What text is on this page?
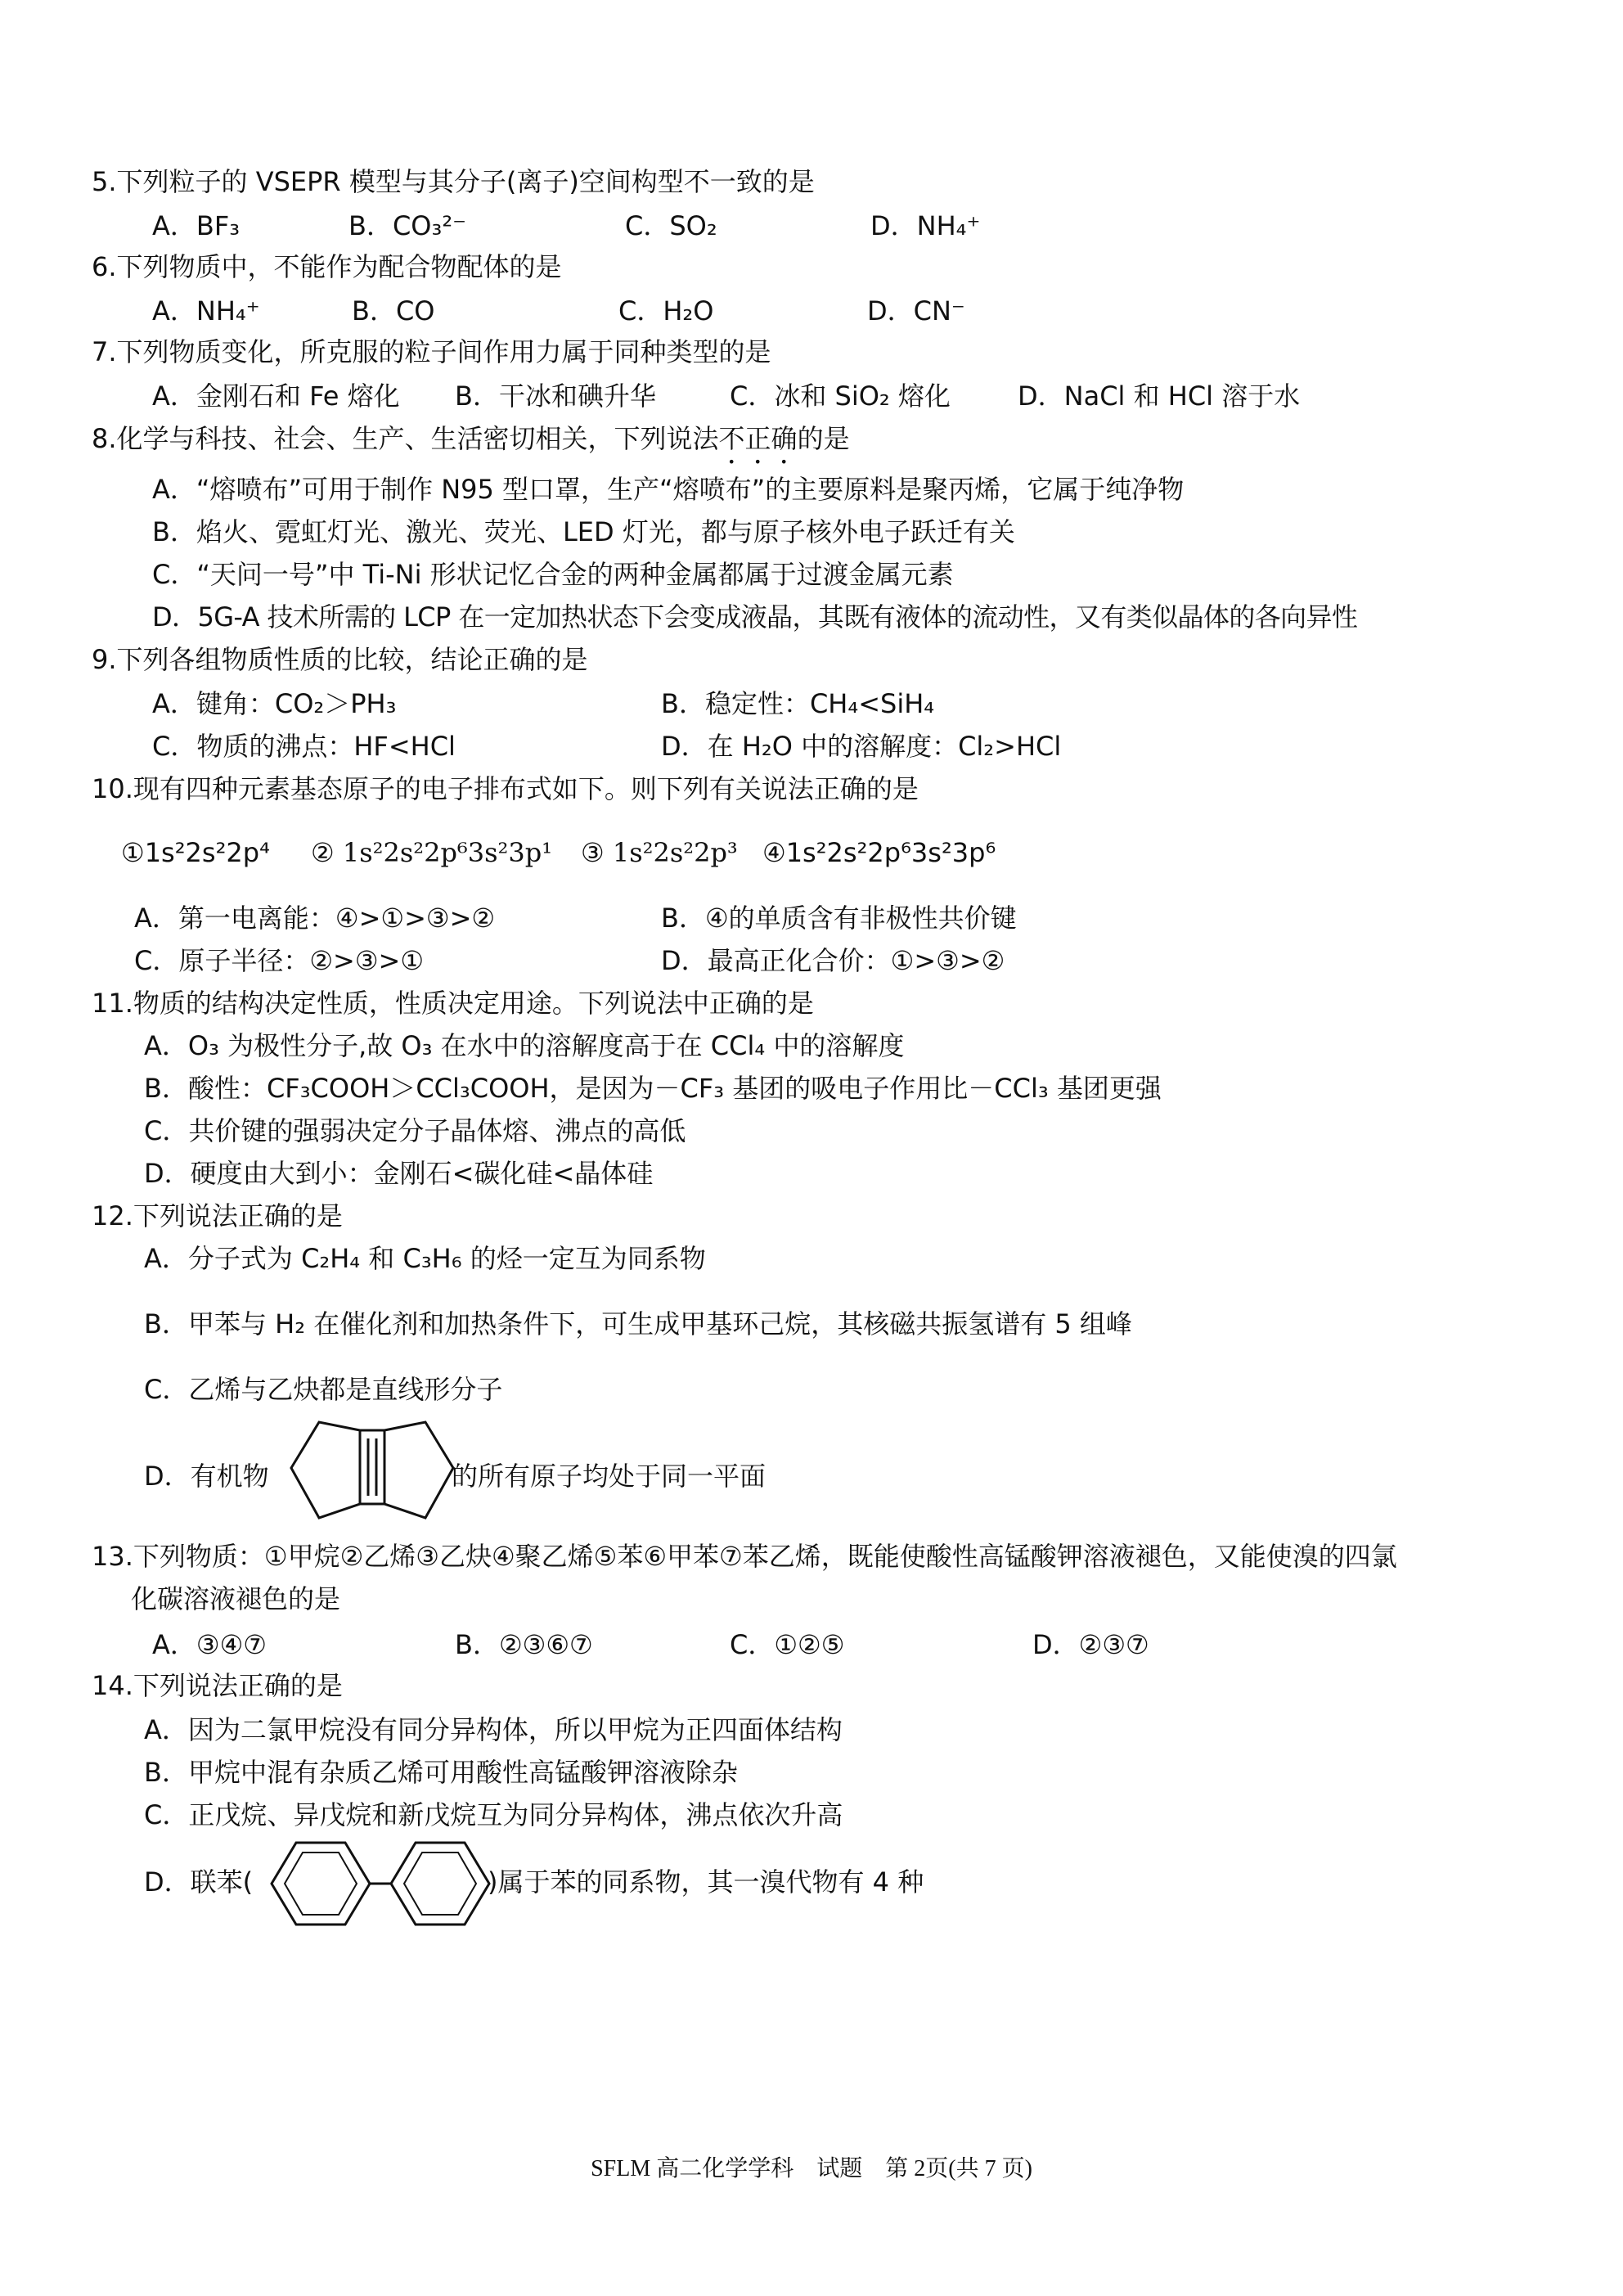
5.下列粒子的 VSEPR 模型与其分子(离子)空间构型不一致的是
A．BF₃	B．CO₃²⁻	C．SO₂	D．NH₄⁺
6.下列物质中，不能作为配合物配体的是
A．NH₄⁺	B．CO	C．H₂O	D．CN⁻
7.下列物质变化，所克服的粒子间作用力属于同种类型的是
A．金刚石和 Fe 熔化 B．干冰和碘升华	C．冰和 SiO₂ 熔化	D．NaCl 和 HCl 溶于水
8.化学与科技、社会、生产、生活密切相关，下列说法不正确的是
A．“熔喷布”可用于制作 N95 型口罩，生产“熔喷布”的主要原料是聚丙烯，它属于纯净物
B．焰火、霓虹灯光、激光、荧光、LED 灯光，都与原子核外电子跃迁有关
C．“天问一号”中 Ti-Ni 形状记忆合金的两种金属都属于过渡金属元素
D．5G-A 技术所需的 LCP 在一定加热状态下会变成液晶，其既有液体的流动性，又有类似晶体的各向异性
9.下列各组物质性质的比较，结论正确的是
A．键角：CO₂＞PH₃	B．稳定性：CH₄<SiH₄
C．物质的沸点：HF<HCl	D．在 H₂O 中的溶解度：Cl₂>HCl
10.现有四种元素基态原子的电子排布式如下。则下列有关说法正确的是
①1s²2s²2p⁴ ② 1s²2s²2p⁶3s²3p¹ ③ 1s²2s²2p³ ④1s²2s²2p⁶3s²3p⁶
A．第一电离能：④>①>③>②	B．④的单质含有非极性共价键
C．原子半径：②>③>①	D．最高正化合价：①>③>②
11.物质的结构决定性质，性质决定用途。下列说法中正确的是
A．O₃ 为极性分子,故 O₃ 在水中的溶解度高于在 CCl₄ 中的溶解度
B．酸性：CF₃COOH＞CCl₃COOH，是因为－CF₃ 基团的吸电子作用比－CCl₃ 基团更强
C．共价键的强弱决定分子晶体熔、沸点的高低
D．硬度由大到小：金刚石<碳化硅<晶体硅
12.下列说法正确的是
A．分子式为 C₂H₄ 和 C₃H₆ 的烃一定互为同系物
B．甲苯与 H₂ 在催化剂和加热条件下，可生成甲基环己烷，其核磁共振氢谱有 5 组峰
C．乙烯与乙炔都是直线形分子
D．有机物	的所有原子均处于同一平面
13.下列物质：①甲烷②乙烯③乙炔④聚乙烯⑤苯⑥甲苯⑦苯乙烯，既能使酸性高锰酸钾溶液褪色，又能使溴的四氯
化碳溶液褪色的是
A．③④⑦	B．②③⑥⑦	C．①②⑤	D．②③⑦
14.下列说法正确的是
A．因为二氯甲烷没有同分异构体，所以甲烷为正四面体结构
B．甲烷中混有杂质乙烯可用酸性高锰酸钾溶液除杂
C．正戊烷、异戊烷和新戊烷互为同分异构体，沸点依次升高
D．联苯(	)属于苯的同系物，其一溴代物有 4 种
SFLM 高二化学学科　试题　第 2页(共 7 页)
